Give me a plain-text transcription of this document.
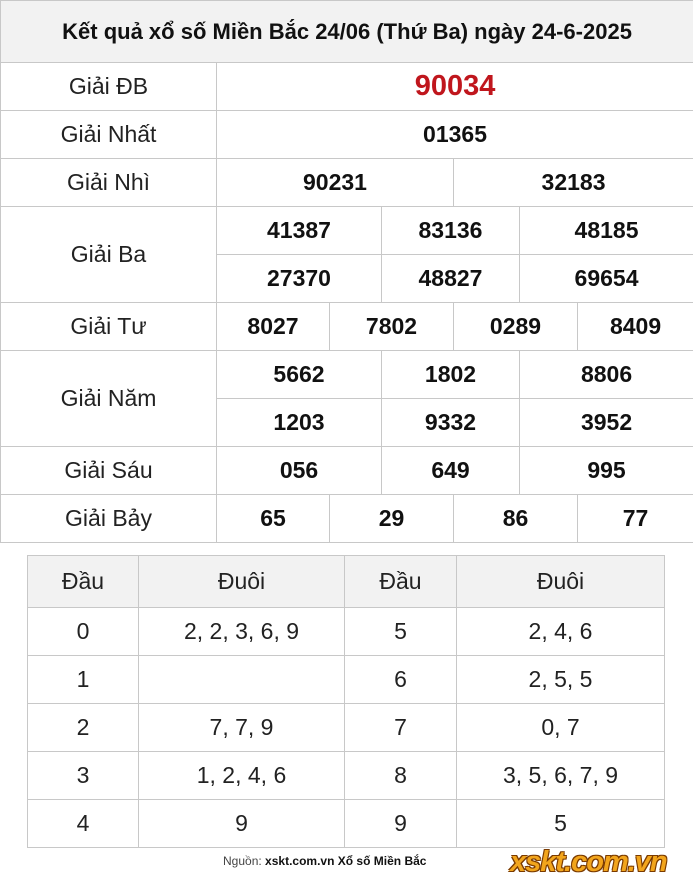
Kết quả xổ số Miền Bắc 24/06 (Thứ Ba) ngày 24-6-2025						
Giải ĐB	90034					
Giải Nhất	01365					
Giải Nhì	90231			32183		
Giải Ba	41387		83136		48185	
	27370		48827		69654	
Giải Tư	8027	7802		0289		8409
Giải Năm	5662		1802		8806	
	1203		9332		3952	
Giải Sáu	056		649		995	
Giải Bảy	65	29		86		77
Đầu	Đuôi	Đầu	Đuôi
0	2, 2, 3, 6, 9	5	2, 4, 6
1		6	2, 5, 5
2	7, 7, 9	7	0, 7
3	1, 2, 4, 6	8	3, 5, 6, 7, 9
4	9	9	5
Nguồn: xskt.com.vn Xổ số Miền Bắc	xskt.com.vn
